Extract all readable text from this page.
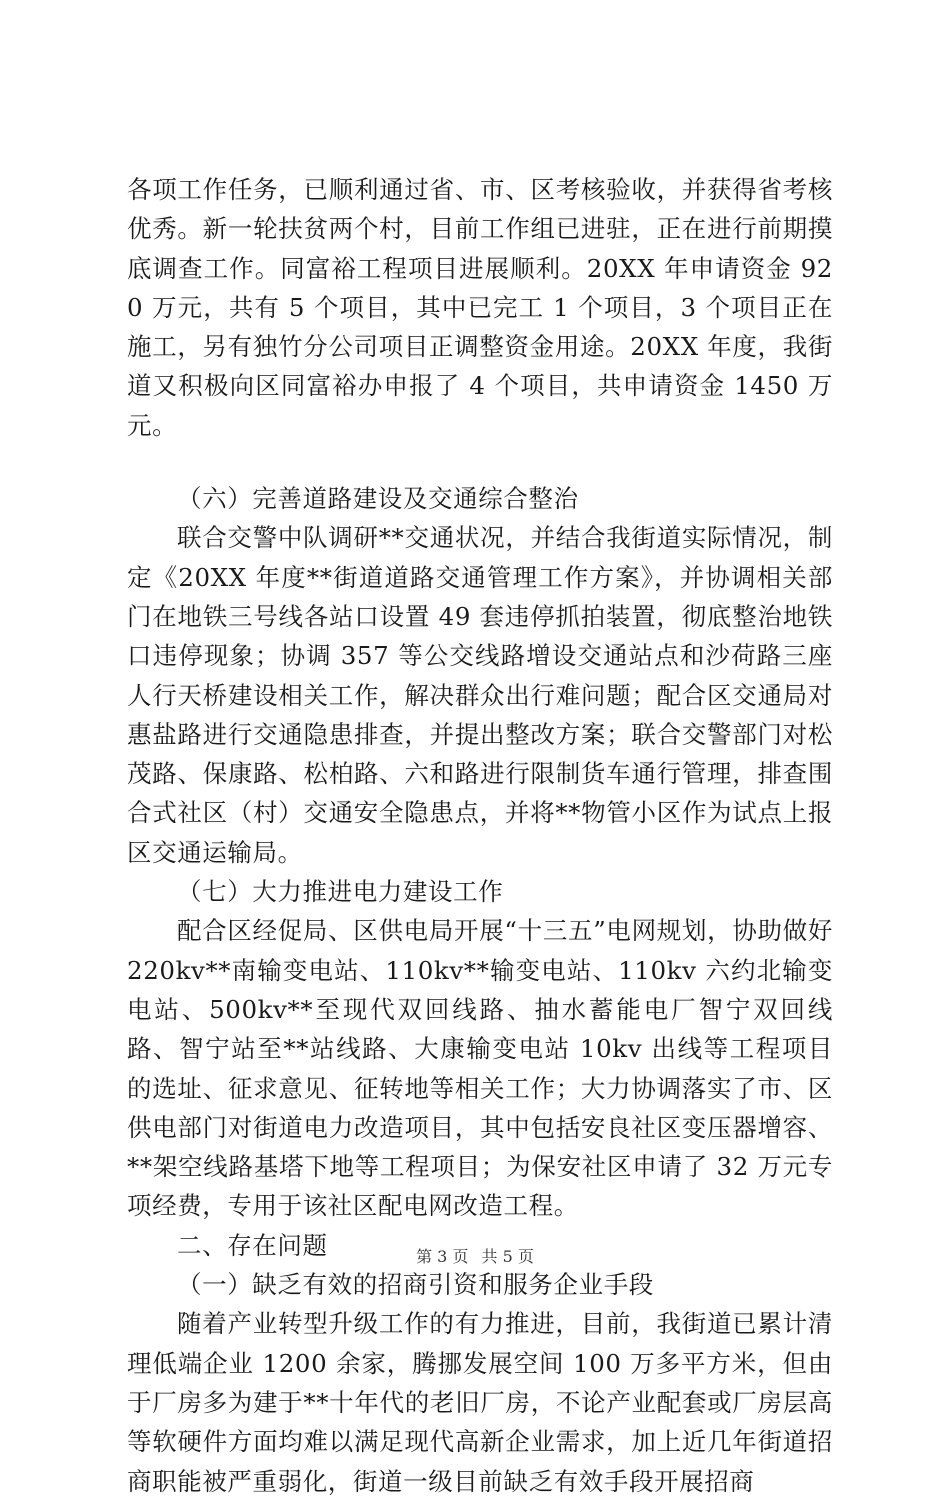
各项工作任务，已顺利通过省、市、区考核验收，并获得省考核优秀。新一轮扶贫两个村，目前工作组已进驻，正在进行前期摸底调查工作。同富裕工程项目进展顺利。20XX 年申请资金 920 万元，共有 5 个项目，其中已完工 1 个项目，3 个项目正在施工，另有独竹分公司项目正调整资金用途。20XX 年度，我街道又积极向区同富裕办申报了 4 个项目，共申请资金 1450 万元。

（六）完善道路建设及交通综合整治

联合交警中队调研**交通状况，并结合我街道实际情况，制定《20XX 年度**街道道路交通管理工作方案》，并协调相关部门在地铁三号线各站口设置 49 套违停抓拍装置，彻底整治地铁口违停现象；协调 357 等公交线路增设交通站点和沙荷路三座人行天桥建设相关工作，解决群众出行难问题；配合区交通局对惠盐路进行交通隐患排查，并提出整改方案；联合交警部门对松茂路、保康路、松柏路、六和路进行限制货车通行管理，排查围合式社区（村）交通安全隐患点，并将**物管小区作为试点上报区交通运输局。

（七）大力推进电力建设工作

配合区经促局、区供电局开展“十三五”电网规划，协助做好 220kv**南输变电站、110kv**输变电站、110kv 六约北输变电站、500kv**至现代双回线路、抽水蓄能电厂智宁双回线路、智宁站至**站线路、大康输变电站 10kv 出线等工程项目的选址、征求意见、征转地等相关工作；大力协调落实了市、区供电部门对街道电力改造项目，其中包括安良社区变压器增容、**架空线路基塔下地等工程项目；为保安社区申请了 32 万元专项经费，专用于该社区配电网改造工程。

二、存在问题

（一）缺乏有效的招商引资和服务企业手段

随着产业转型升级工作的有力推进，目前，我街道已累计清理低端企业 1200 余家，腾挪发展空间 100 万多平方米，但由于厂房多为建于**十年代的老旧厂房，不论产业配套或厂房层高等软硬件方面均难以满足现代高新企业需求，加上近几年街道招商职能被严重弱化，街道一级目前缺乏有效手段开展招商

第 3 页 共 5 页
